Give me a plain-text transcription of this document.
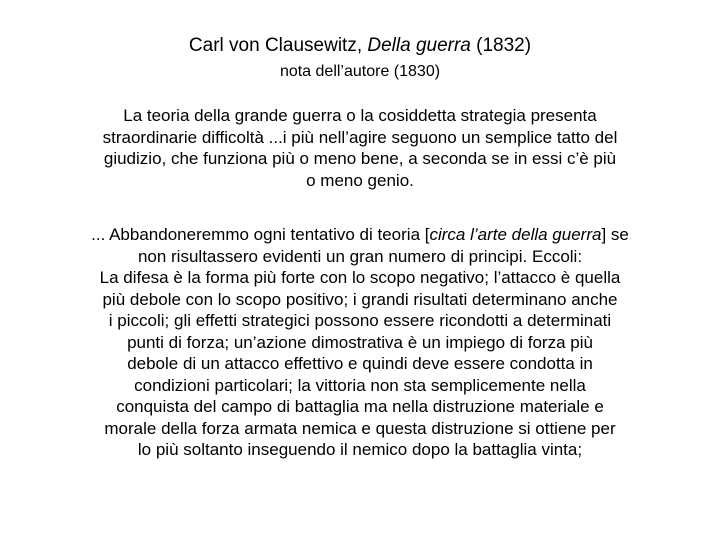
Carl von Clausewitz, Della guerra (1832)
nota dell’autore (1830)
La teoria della grande guerra o la cosiddetta strategia presenta
straordinarie difficoltà ...i più nell’agire seguono un semplice tatto del
giudizio, che funziona più o meno bene, a seconda se in essi c’è più
o meno genio.
... Abbandoneremmo ogni tentativo di teoria [circa l’arte della guerra] se
non risultassero evidenti un gran numero di principi. Eccoli:
La difesa è la forma più forte con lo scopo negativo; l’attacco è quella
più debole con lo scopo positivo; i grandi risultati determinano anche
i piccoli; gli effetti strategici possono essere ricondotti a determinati
punti di forza; un’azione dimostrativa è un impiego di forza più
debole di un attacco effettivo e quindi deve essere condotta in
condizioni particolari; la vittoria non sta semplicemente nella
conquista del campo di battaglia ma nella distruzione materiale e
morale della forza armata nemica e questa distruzione si ottiene per
lo più soltanto inseguendo il nemico dopo la battaglia vinta;
